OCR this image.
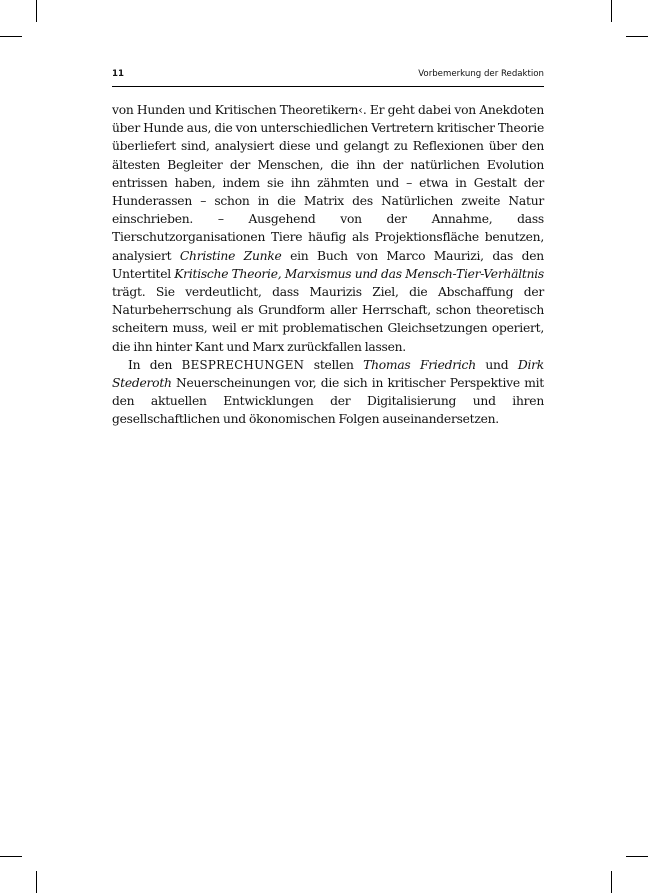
11	Vorbemerkung der Redaktion

von Hunden und Kritischen Theoretikern‹. Er geht dabei von Anekdoten über Hunde aus, die von unterschiedlichen Vertretern kritischer Theorie überliefert sind, analysiert diese und gelangt zu Reflexionen über den ältesten Begleiter der Menschen, die ihn der natürlichen Evolution entrissen haben, indem sie ihn zähmten und – etwa in Gestalt der Hunderassen – schon in die Matrix des Natürlichen zweite Natur einschrieben. – Ausgehend von der Annahme, dass Tierschutzorganisationen Tiere häufig als Projektionsfläche benutzen, analysiert Christine Zunke ein Buch von Marco Maurizi, das den Untertitel Kritische Theorie, Marxismus und das Mensch-Tier-Verhältnis trägt. Sie verdeutlicht, dass Maurizis Ziel, die Abschaffung der Naturbeherrschung als Grundform aller Herrschaft, schon theoretisch scheitern muss, weil er mit problematischen Gleichsetzungen operiert, die ihn hinter Kant und Marx zurückfallen lassen.

In den BESPRECHUNGEN stellen Thomas Friedrich und Dirk Stederoth Neuerscheinungen vor, die sich in kritischer Perspektive mit den aktuellen Entwicklungen der Digitalisierung und ihren gesellschaftlichen und ökonomischen Folgen auseinandersetzen.
